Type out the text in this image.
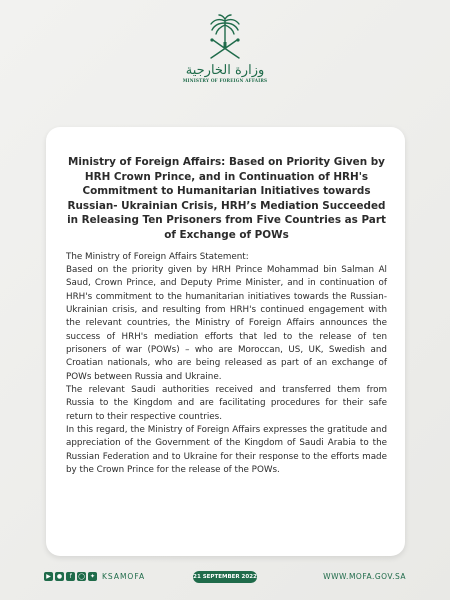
وزارة الخارجية
MINISTRY OF FOREIGN AFFAIRS
Ministry of Foreign Affairs: Based on Priority Given by HRH Crown Prince, and in Continuation of HRH's Commitment to Humanitarian Initiatives towards Russian- Ukrainian Crisis, HRH’s Mediation Succeeded in Releasing Ten Prisoners from Five Countries as Part of Exchange of POWs

The Ministry of Foreign Affairs Statement:

Based on the priority given by HRH Prince Mohammad bin Salman Al Saud, Crown Prince, and Deputy Prime Minister, and in continuation of HRH's commitment to the humanitarian initiatives towards the Russian-Ukrainian crisis, and resulting from HRH's continued engagement with the relevant countries, the Ministry of Foreign Affairs announces the success of HRH's mediation efforts that led to the release of ten prisoners of war (POWs) – who are Moroccan, US, UK, Swedish and Croatian nationals, who are being released as part of an exchange of POWs between Russia and Ukraine.

The relevant Saudi authorities received and transferred them from Russia to the Kingdom and are facilitating procedures for their safe return to their respective countries.

In this regard, the Ministry of Foreign Affairs expresses the gratitude and appreciation of the Government of the Kingdom of Saudi Arabia to the Russian Federation and to Ukraine for their response to the efforts made by the Crown Prince for the release of the POWs.

▶	●	 f	◯ ✦ KSAMOFA	21 SEPTEMBER 2022	WWW.MOFA.GOV.SA
